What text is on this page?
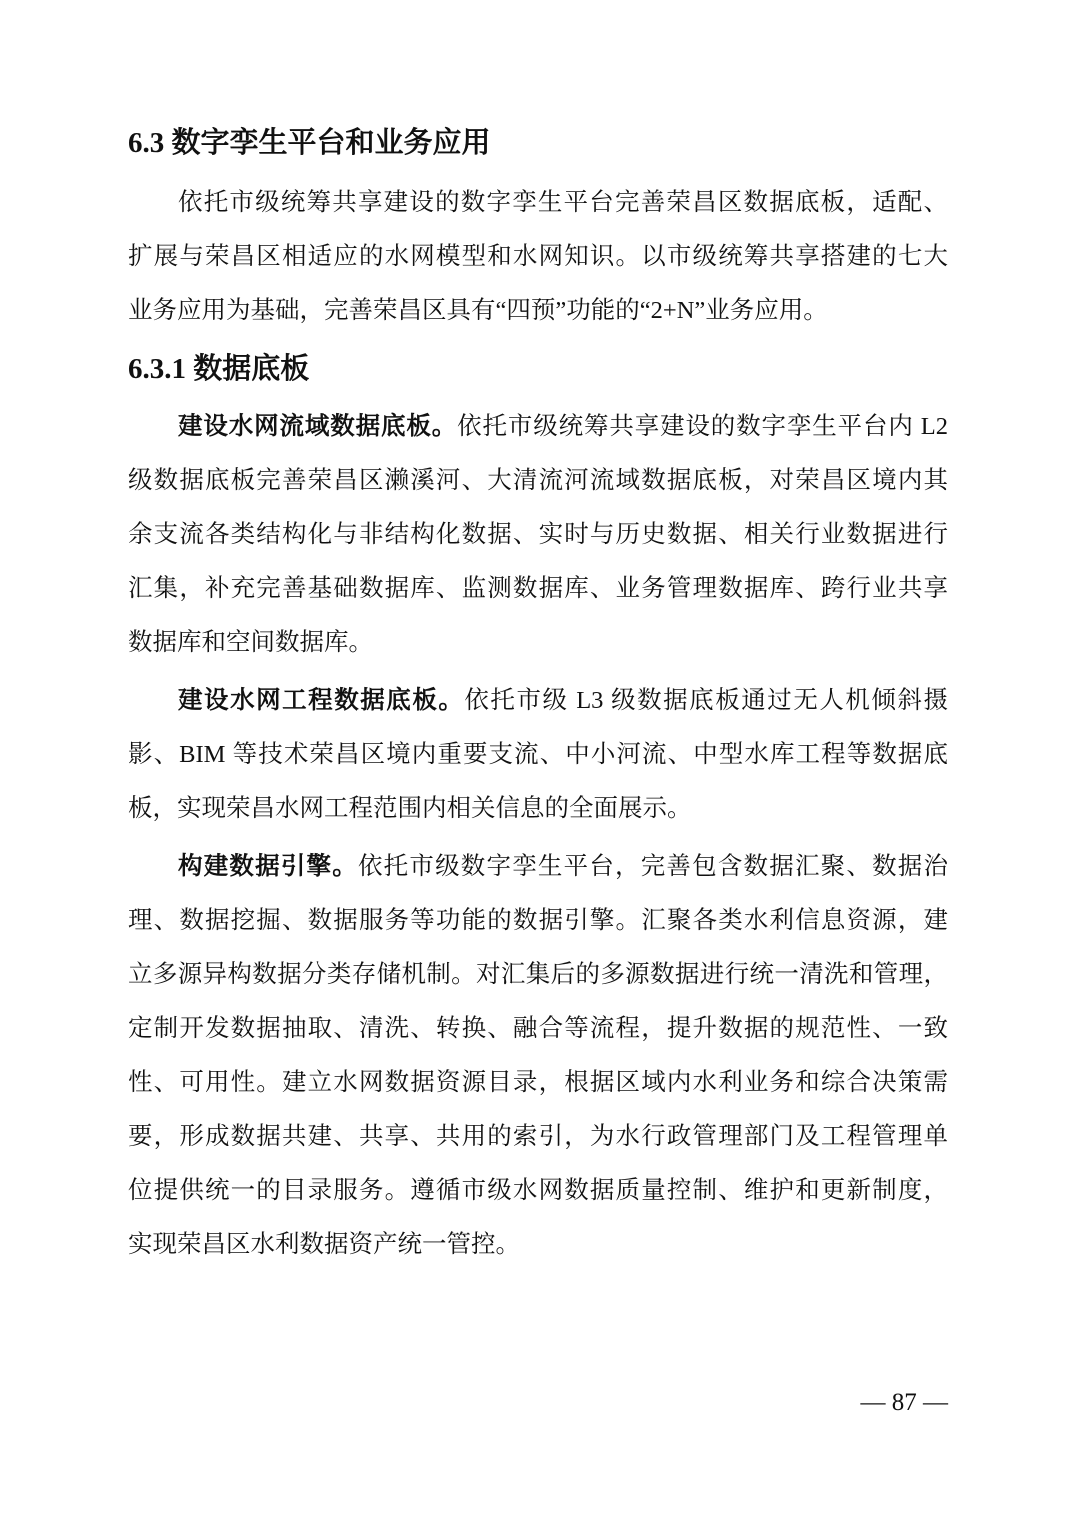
6.3 数字孪生平台和业务应用
依托市级统筹共享建设的数字孪生平台完善荣昌区数据底板，适配、
扩展与荣昌区相适应的水网模型和水网知识。以市级统筹共享搭建的七大
业务应用为基础，完善荣昌区具有“四预”功能的“2+N”业务应用。
6.3.1 数据底板
建设水网流域数据底板。依托市级统筹共享建设的数字孪生平台内 L2
级数据底板完善荣昌区濑溪河、大清流河流域数据底板，对荣昌区境内其
余支流各类结构化与非结构化数据、实时与历史数据、相关行业数据进行
汇集，补充完善基础数据库、监测数据库、业务管理数据库、跨行业共享
数据库和空间数据库。
建设水网工程数据底板。依托市级 L3 级数据底板通过无人机倾斜摄
影、BIM 等技术荣昌区境内重要支流、中小河流、中型水库工程等数据底
板，实现荣昌水网工程范围内相关信息的全面展示。
构建数据引擎。依托市级数字孪生平台，完善包含数据汇聚、数据治
理、数据挖掘、数据服务等功能的数据引擎。汇聚各类水利信息资源，建
立多源异构数据分类存储机制。对汇集后的多源数据进行统一清洗和管理，
定制开发数据抽取、清洗、转换、融合等流程，提升数据的规范性、一致
性、可用性。建立水网数据资源目录，根据区域内水利业务和综合决策需
要，形成数据共建、共享、共用的索引，为水行政管理部门及工程管理单
位提供统一的目录服务。遵循市级水网数据质量控制、维护和更新制度，
实现荣昌区水利数据资产统一管控。
— 87 —
